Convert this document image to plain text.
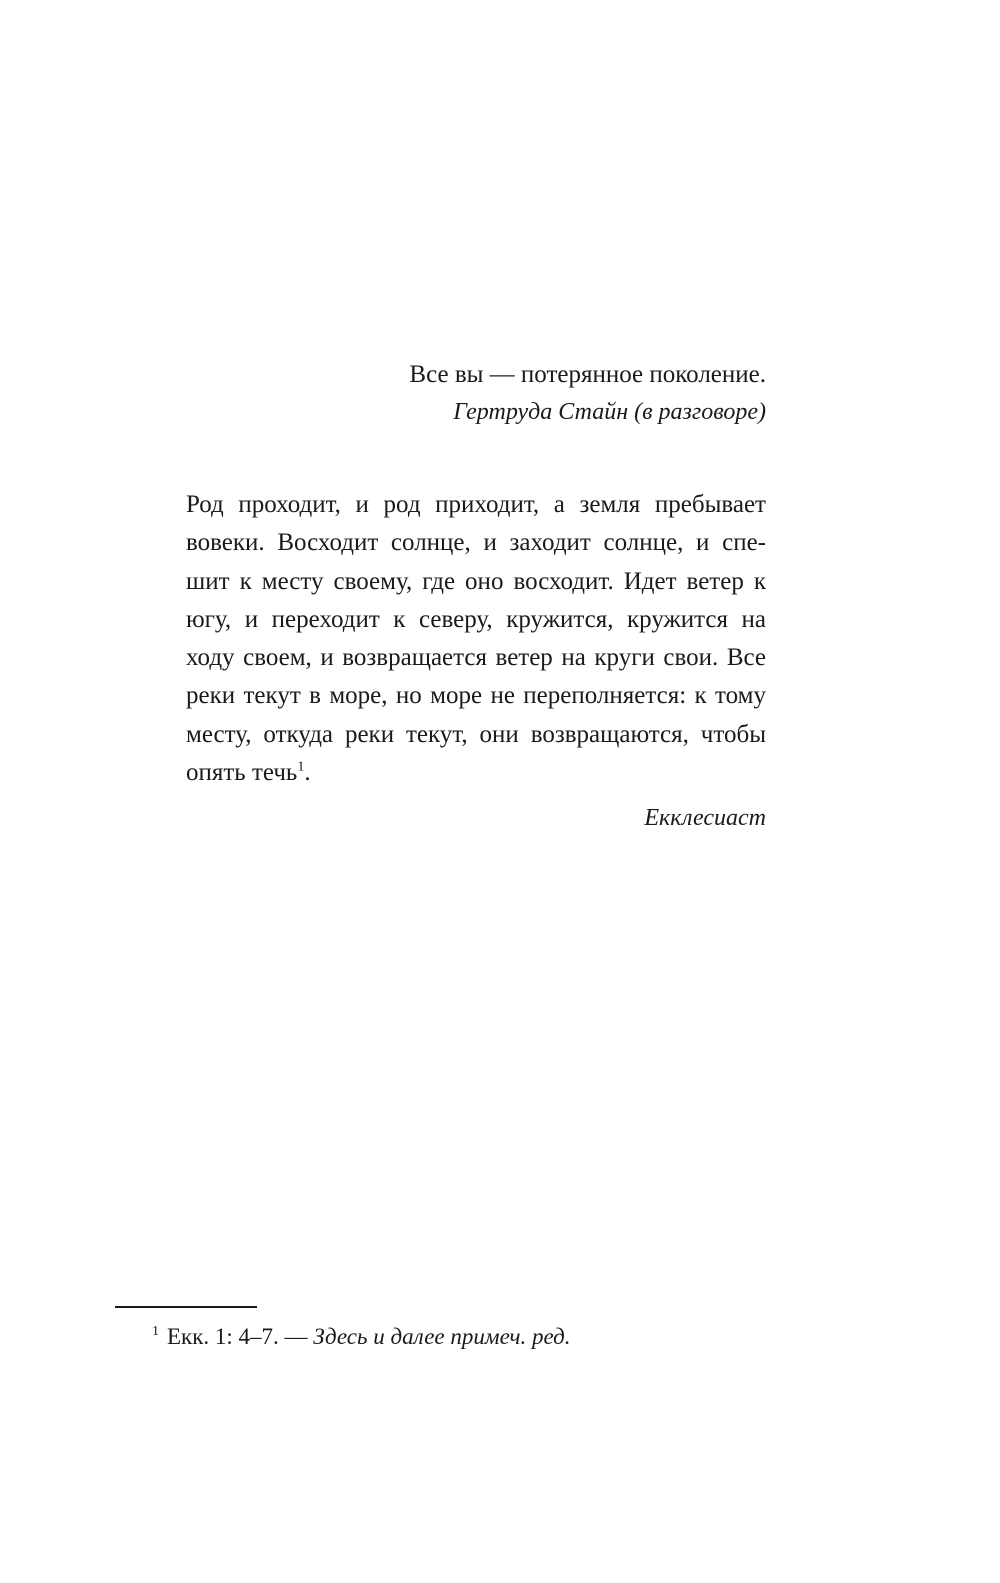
Все вы — потерянное поколение.

Гертруда Стайн (в разговоре)

Род проходит, и род приходит, а земля пребывает вовеки. Восходит солнце, и заходит солнце, и спе- шит к месту своему, где оно восходит. Идет ветер к югу, и переходит к северу, кружится, кружится на ходу своем, и возвращается ветер на круги свои. Все реки текут в море, но море не переполняется: к тому месту, откуда реки текут, они возвращаются, чтобы опять течь$^1$.

Екклесиаст

$^1$ Екк. 1: 4–7. — Здесь и далее примеч. ред.
